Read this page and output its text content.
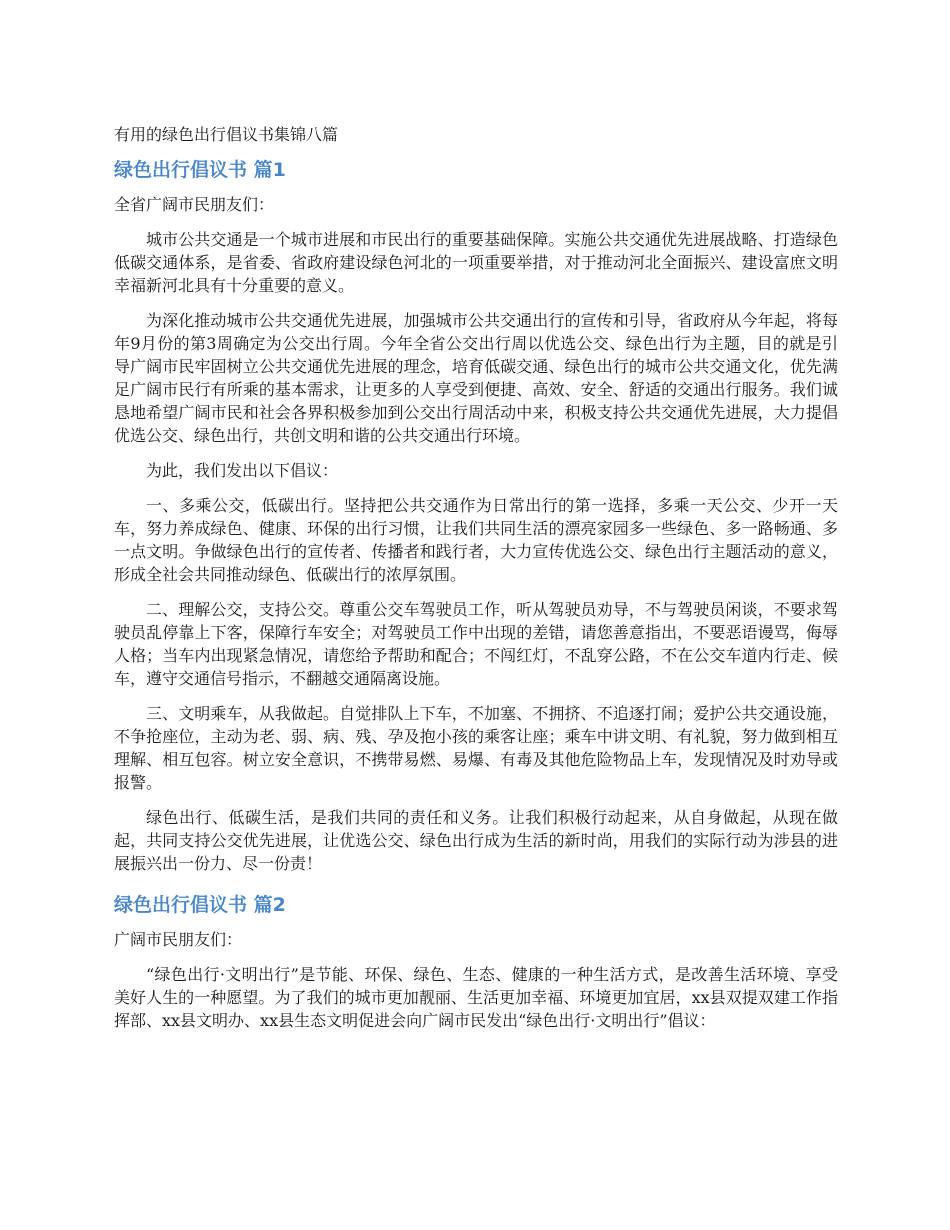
有用的绿色出行倡议书集锦八篇
绿色出行倡议书 篇1
全省广阔市民朋友们：

城市公共交通是一个城市进展和市民出行的重要基础保障。实施公共交通优先进展战略、打造绿色低碳交通体系，是省委、省政府建设绿色河北的一项重要举措，对于推动河北全面振兴、建设富庶文明幸福新河北具有十分重要的意义。

为深化推动城市公共交通优先进展，加强城市公共交通出行的宣传和引导，省政府从今年起，将每年9月份的第3周确定为公交出行周。今年全省公交出行周以优选公交、绿色出行为主题，目的就是引导广阔市民牢固树立公共交通优先进展的理念，培育低碳交通、绿色出行的城市公共交通文化，优先满足广阔市民行有所乘的基本需求，让更多的人享受到便捷、高效、安全、舒适的交通出行服务。我们诚恳地希望广阔市民和社会各界积极参加到公交出行周活动中来，积极支持公共交通优先进展，大力提倡优选公交、绿色出行，共创文明和谐的公共交通出行环境。

为此，我们发出以下倡议：

一、多乘公交，低碳出行。坚持把公共交通作为日常出行的第一选择，多乘一天公交、少开一天车，努力养成绿色、健康、环保的出行习惯，让我们共同生活的漂亮家园多一些绿色、多一路畅通、多一点文明。争做绿色出行的宣传者、传播者和践行者，大力宣传优选公交、绿色出行主题活动的意义，形成全社会共同推动绿色、低碳出行的浓厚氛围。

二、理解公交，支持公交。尊重公交车驾驶员工作，听从驾驶员劝导，不与驾驶员闲谈，不要求驾驶员乱停靠上下客，保障行车安全；对驾驶员工作中出现的差错，请您善意指出，不要恶语谩骂，侮辱人格；当车内出现紧急情况，请您给予帮助和配合；不闯红灯，不乱穿公路，不在公交车道内行走、候车，遵守交通信号指示，不翻越交通隔离设施。

三、文明乘车，从我做起。自觉排队上下车，不加塞、不拥挤、不追逐打闹；爱护公共交通设施，不争抢座位，主动为老、弱、病、残、孕及抱小孩的乘客让座；乘车中讲文明、有礼貌，努力做到相互理解、相互包容。树立安全意识，不携带易燃、易爆、有毒及其他危险物品上车，发现情况及时劝导或报警。

绿色出行、低碳生活，是我们共同的责任和义务。让我们积极行动起来，从自身做起，从现在做起，共同支持公交优先进展，让优选公交、绿色出行成为生活的新时尚，用我们的实际行动为涉县的进展振兴出一份力、尽一份责！

绿色出行倡议书 篇2
广阔市民朋友们：

“绿色出行·文明出行”是节能、环保、绿色、生态、健康的一种生活方式，是改善生活环境、享受美好人生的一种愿望。为了我们的城市更加靓丽、生活更加幸福、环境更加宜居，xx县双提双建工作指挥部、xx县文明办、xx县生态文明促进会向广阔市民发出“绿色出行·文明出行”倡议：
